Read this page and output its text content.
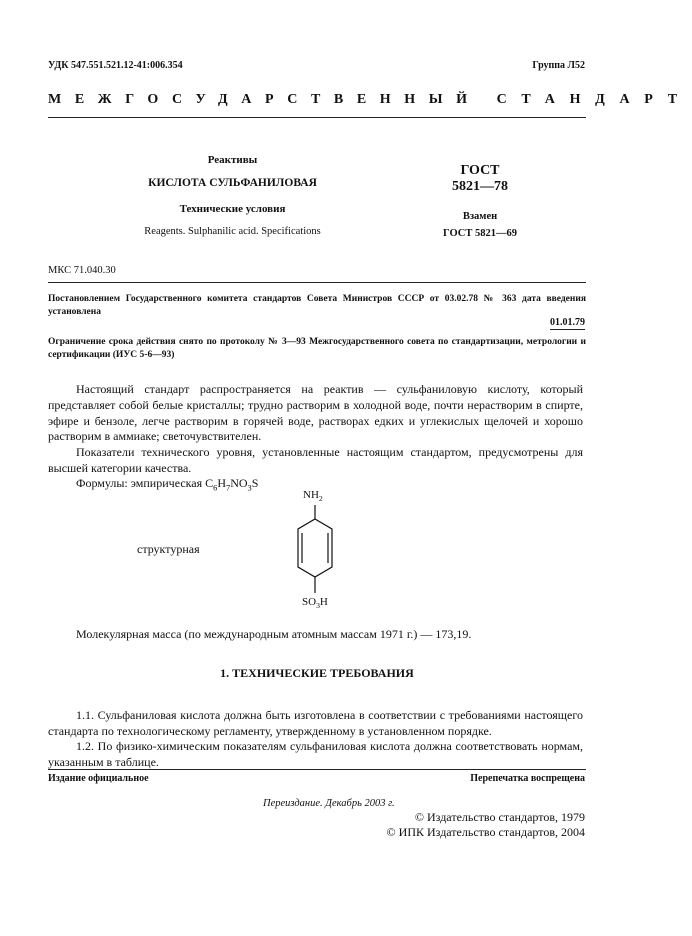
УДК 547.551.521.12-41:006.354	Группа Л52
МЕЖГОСУДАРСТВЕННЫЙ СТАНДАРТ
Реактивы
КИСЛОТА СУЛЬФАНИЛОВАЯ
Технические условия
Reagents. Sulphanilic acid. Specifications
ГОСТ
5821—78
Взамен
ГОСТ 5821—69
МКС 71.040.30
Постановлением Государственного комитета стандартов Совета Министров СССР от 03.02.78 № 363 дата введения установлена
01.01.79
Ограничение срока действия снято по протоколу № 3—93 Межгосударственного совета по стандартизации, метрологии и сертификации (ИУС 5-6—93)
Настоящий стандарт распространяется на реактив — сульфаниловую кислоту, который представляет собой белые кристаллы; трудно растворим в холодной воде, почти нерастворим в спирте, эфире и бензоле, легче растворим в горячей воде, растворах едких и углекислых щелочей и хорошо растворим в аммиаке; светочувствителен.
Показатели технического уровня, установленные настоящим стандартом, предусмотрены для высшей категории качества.
Формулы: эмпирическая $C_6H_7NO_3S$
структурная
$NH_2$
$SO_3H$
Молекулярная масса (по международным атомным массам 1971 г.) — 173,19.
1. ТЕХНИЧЕСКИЕ ТРЕБОВАНИЯ
1.1. Сульфаниловая кислота должна быть изготовлена в соответствии с требованиями настоящего стандарта по технологическому регламенту, утвержденному в установленном порядке.
1.2. По физико-химическим показателям сульфаниловая кислота должна соответствовать нормам, указанным в таблице.
Издание официальное	Перепечатка воспрещена
Переиздание. Декабрь 2003 г.
© Издательство стандартов, 1979
© ИПК Издательство стандартов, 2004
